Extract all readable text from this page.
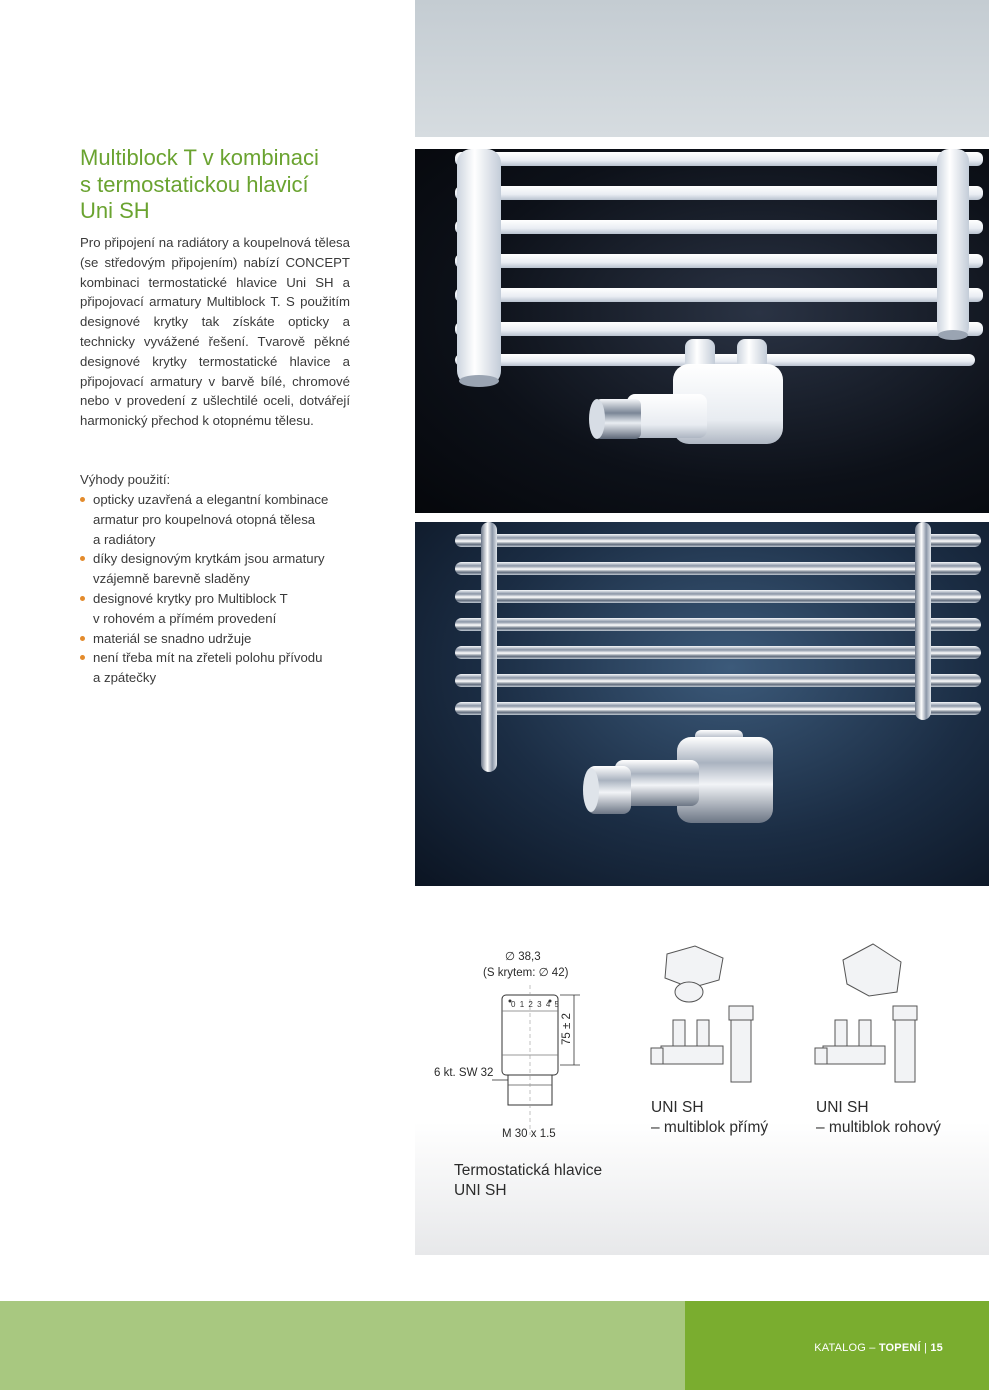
Multiblock T v kombinaci
s termostatickou hlavicí
Uni SH

Pro připojení na radiátory a koupelnová tělesa (se středovým připojením) nabízí CONCEPT kombinaci termostatické hlavice Uni SH a připojovací armatury Multiblock T. S použitím designové krytky tak získáte opticky a technicky vyvážené řešení. Tvarově pěkné designové krytky termostatické hlavice a připojovací armatury v barvě bílé, chromové nebo v provedení z ušlechtilé oceli, dotvářejí harmonický přechod k otopnému tělesu.

Výhody použití:

opticky uzavřená a elegantní kombinace
armatur pro koupelnová otopná tělesa
a radiátory
díky designovým krytkám jsou armatury
vzájemně barevně sladěny
designové krytky pro Multiblock T
v rohovém a přímém provedení
materiál se snadno udržuje
není třeba mít na zřeteli polohu přívodu
a zpátečky
∅ 38,3
(S krytem: ∅ 42)
6 kt. SW 32
M 30 x 1.5
75 ± 2
0 1 2 3 4 5
Termostatická hlavice
UNI SH
UNI SH
– multiblok přímý
UNI SH
– multiblok rohový
KATALOG – TOPENÍ | 15
